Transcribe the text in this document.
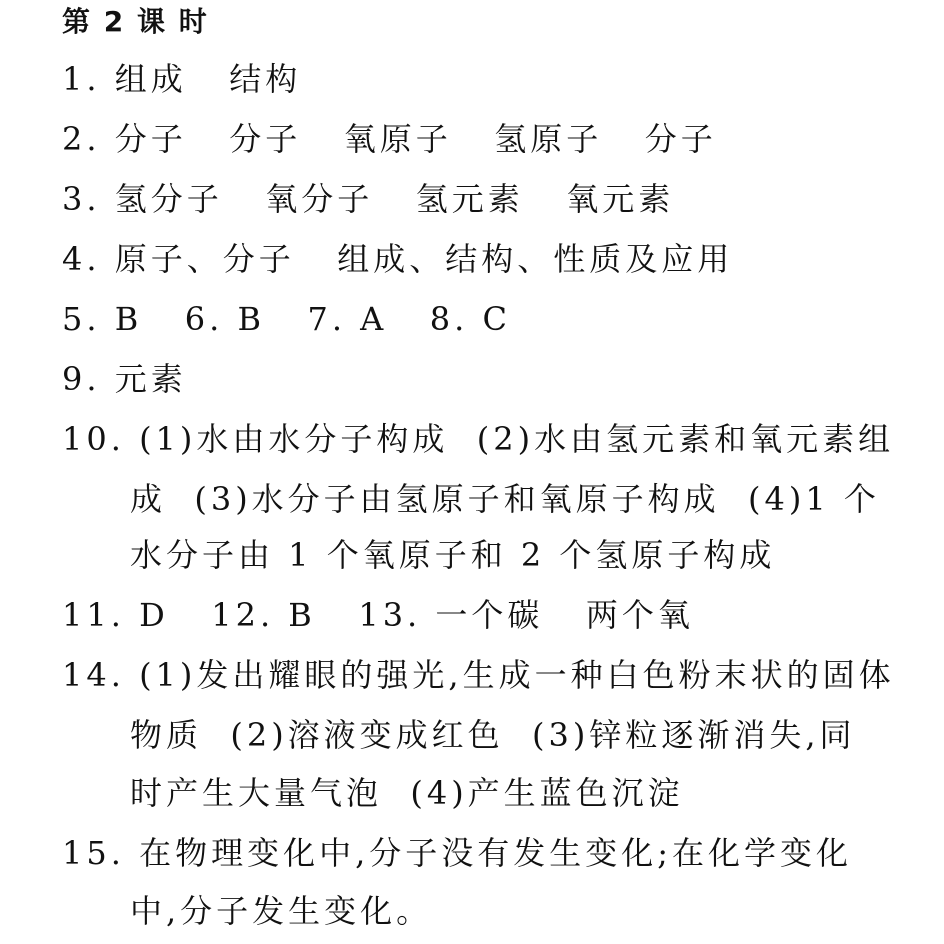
第 2 课 时
1. 组成   结构
2. 分子   分子   氧原子   氢原子   分子
3. 氢分子   氧分子   氢元素   氧元素
4. 原子、分子   组成、结构、性质及应用
5. B   6. B   7. A   8. C
9. 元素
10. (1)水由水分子构成  (2)水由氢元素和氧元素组
成  (3)水分子由氢原子和氧原子构成  (4)1 个
水分子由 1 个氧原子和 2 个氢原子构成
11. D   12. B   13. 一个碳   两个氧
14. (1)发出耀眼的强光,生成一种白色粉末状的固体
物质  (2)溶液变成红色  (3)锌粒逐渐消失,同
时产生大量气泡  (4)产生蓝色沉淀
15. 在物理变化中,分子没有发生变化;在化学变化
中,分子发生变化。
